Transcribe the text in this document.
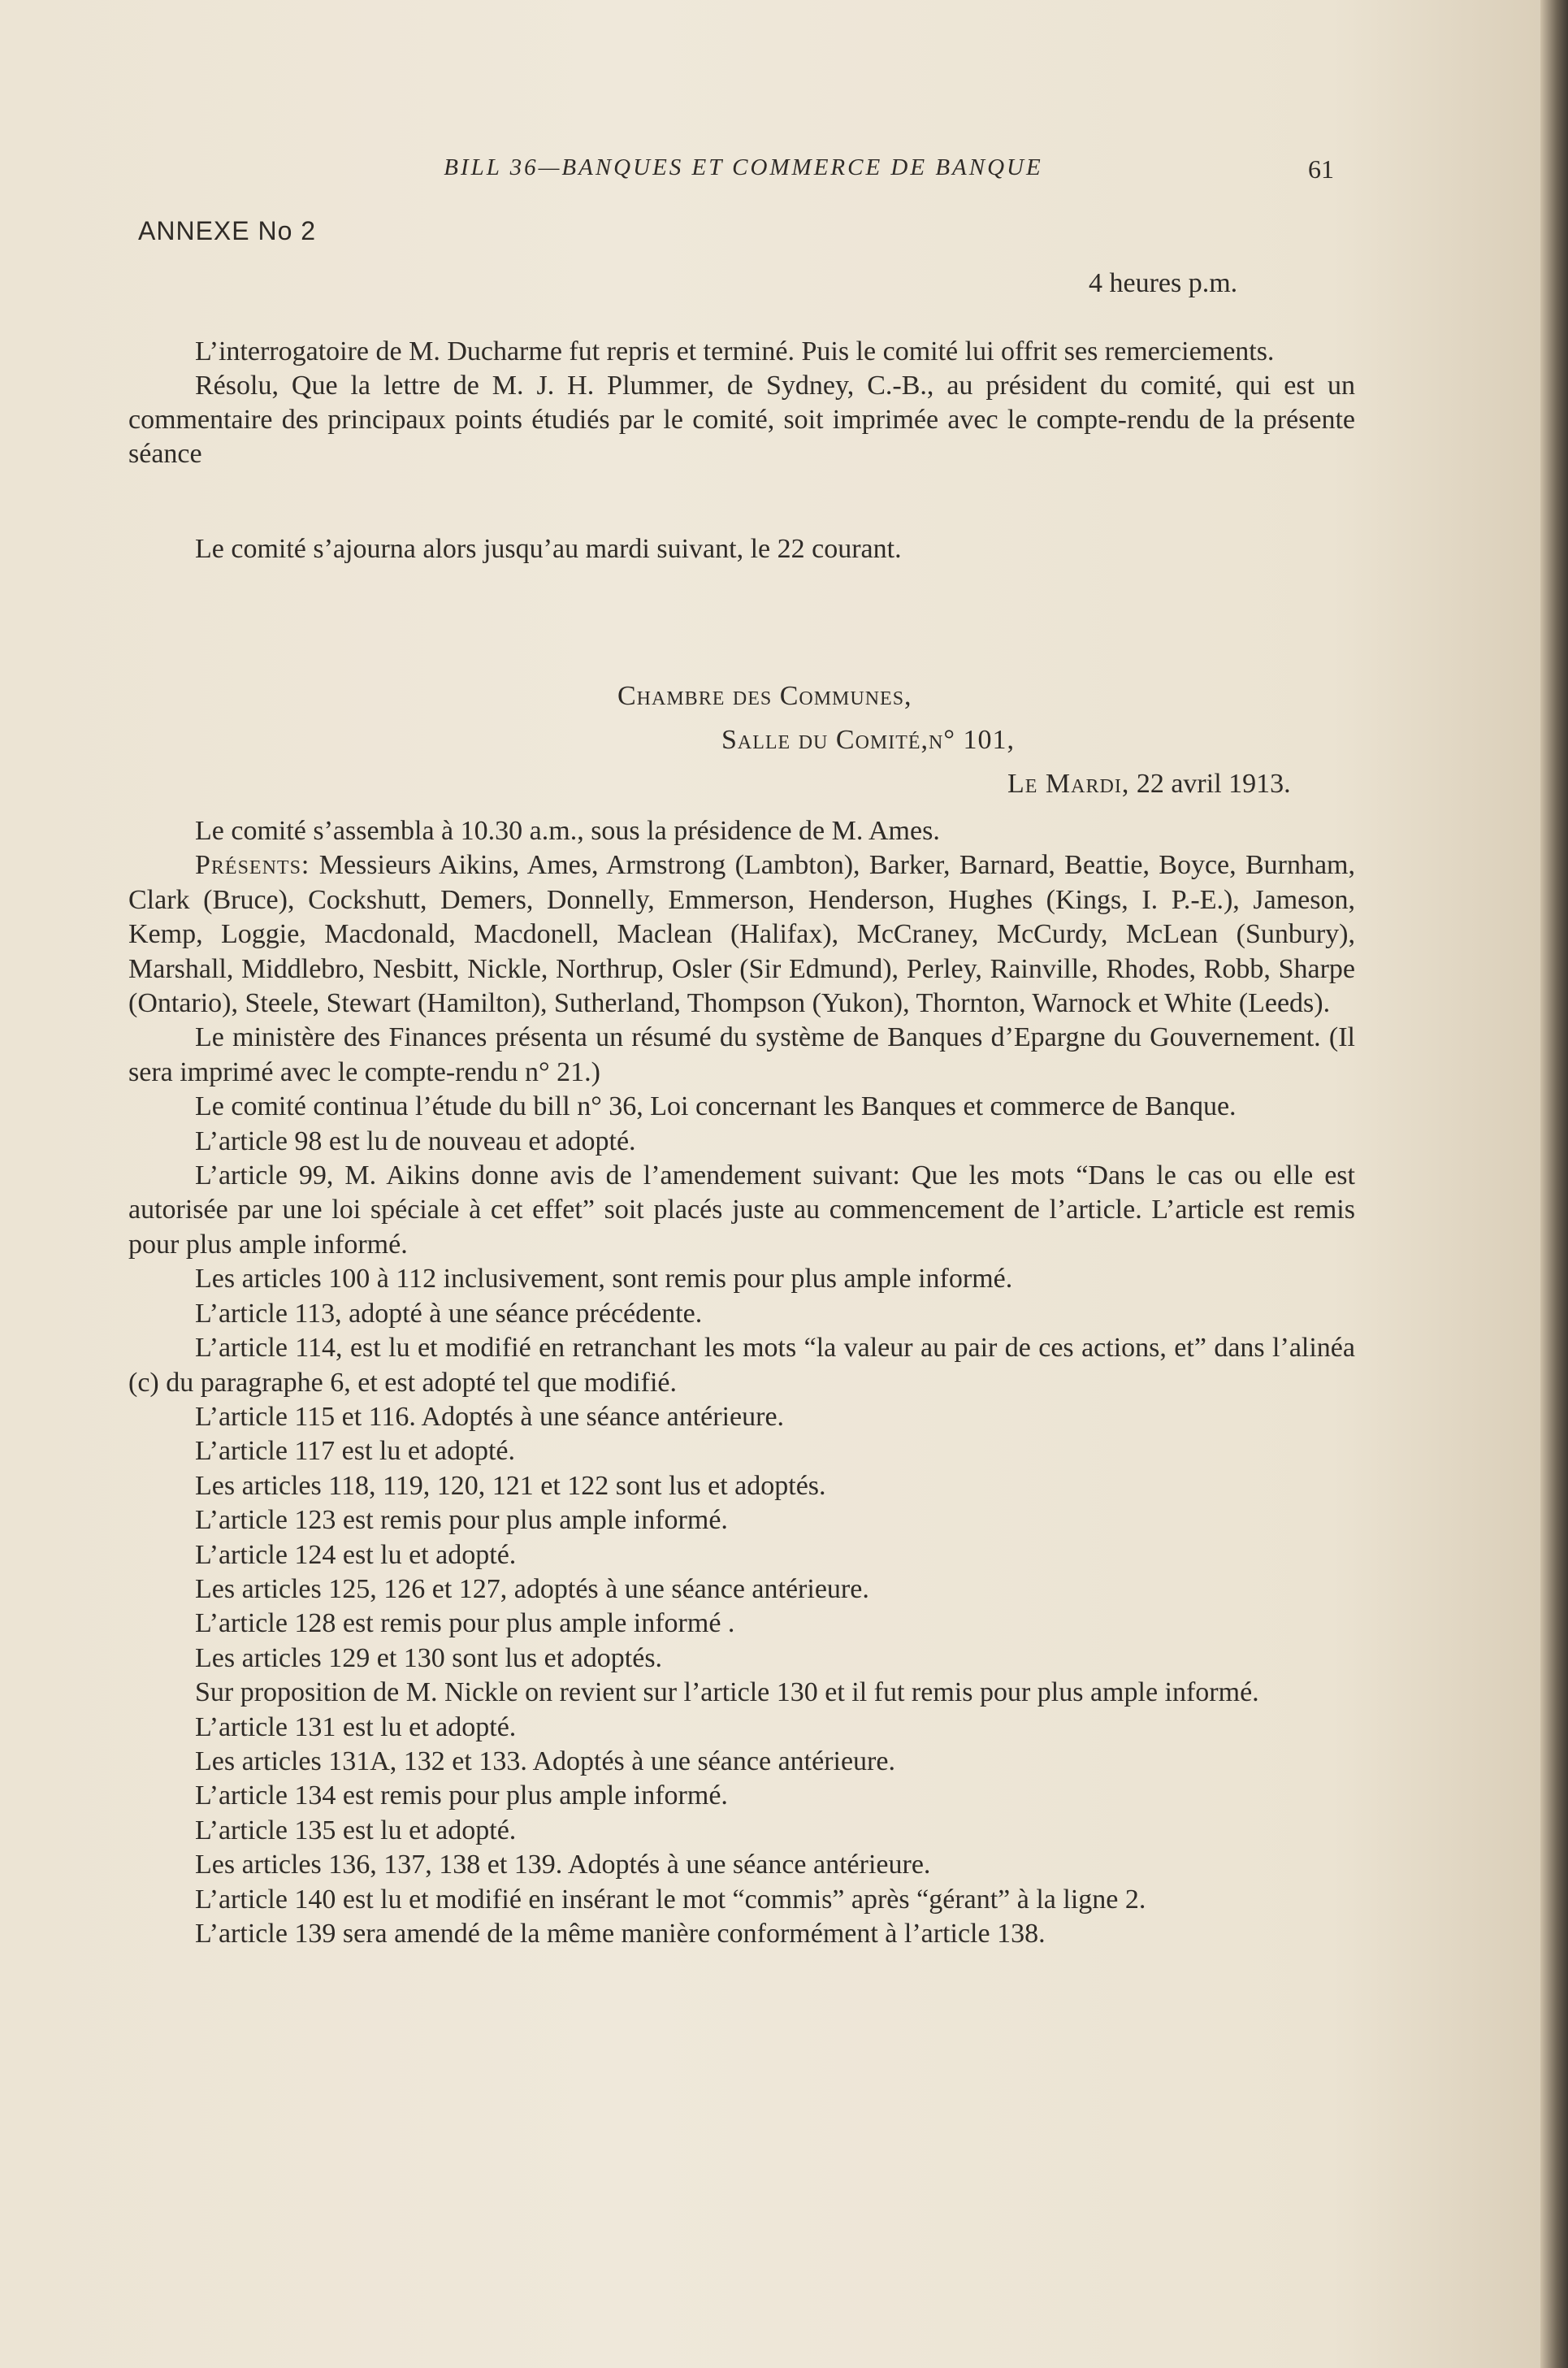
BILL 36—BANQUES ET COMMERCE DE BANQUE	61
ANNEXE No 2
4 heures p.m.

L’interrogatoire de M. Ducharme fut repris et terminé. Puis le comité lui offrit ses remerciements.

Résolu, Que la lettre de M. J. H. Plummer, de Sydney, C.-B., au président du comité, qui est un commentaire des principaux points étudiés par le comité, soit imprimée avec le compte-rendu de la présente séance

Le comité s’ajourna alors jusqu’au mardi suivant, le 22 courant.

Chambre des Communes,
Salle du Comité,n° 101,
Le Mardi, 22 avril 1913.

Le comité s’assembla à 10.30 a.m., sous la présidence de M. Ames.

Présents: Messieurs Aikins, Ames, Armstrong (Lambton), Barker, Barnard, Beattie, Boyce, Burnham, Clark (Bruce), Cockshutt, Demers, Donnelly, Emmerson, Henderson, Hughes (Kings, I. P.-E.), Jameson, Kemp, Loggie, Macdonald, Macdonell, Maclean (Halifax), McCraney, McCurdy, McLean (Sunbury), Marshall, Middlebro, Nesbitt, Nickle, Northrup, Osler (Sir Edmund), Perley, Rainville, Rhodes, Robb, Sharpe (Ontario), Steele, Stewart (Hamilton), Sutherland, Thompson (Yukon), Thornton, Warnock et White (Leeds).

Le ministère des Finances présenta un résumé du système de Banques d’Epargne du Gouvernement. (Il sera imprimé avec le compte-rendu n° 21.)

Le comité continua l’étude du bill n° 36, Loi concernant les Banques et commerce de Banque.

L’article 98 est lu de nouveau et adopté.

L’article 99, M. Aikins donne avis de l’amendement suivant: Que les mots “Dans le cas ou elle est autorisée par une loi spéciale à cet effet” soit placés juste au commencement de l’article. L’article est remis pour plus ample informé.

Les articles 100 à 112 inclusivement, sont remis pour plus ample informé.

L’article 113, adopté à une séance précédente.

L’article 114, est lu et modifié en retranchant les mots “la valeur au pair de ces actions, et” dans l’alinéa (c) du paragraphe 6, et est adopté tel que modifié.

L’article 115 et 116. Adoptés à une séance antérieure.

L’article 117 est lu et adopté.

Les articles 118, 119, 120, 121 et 122 sont lus et adoptés.

L’article 123 est remis pour plus ample informé.

L’article 124 est lu et adopté.

Les articles 125, 126 et 127, adoptés à une séance antérieure.

L’article 128 est remis pour plus ample informé .

Les articles 129 et 130 sont lus et adoptés.

Sur proposition de M. Nickle on revient sur l’article 130 et il fut remis pour plus ample informé.

L’article 131 est lu et adopté.

Les articles 131A, 132 et 133. Adoptés à une séance antérieure.

L’article 134 est remis pour plus ample informé.

L’article 135 est lu et adopté.

Les articles 136, 137, 138 et 139. Adoptés à une séance antérieure.

L’article 140 est lu et modifié en insérant le mot “commis” après “gérant” à la ligne 2.

L’article 139 sera amendé de la même manière conformément à l’article 138.
